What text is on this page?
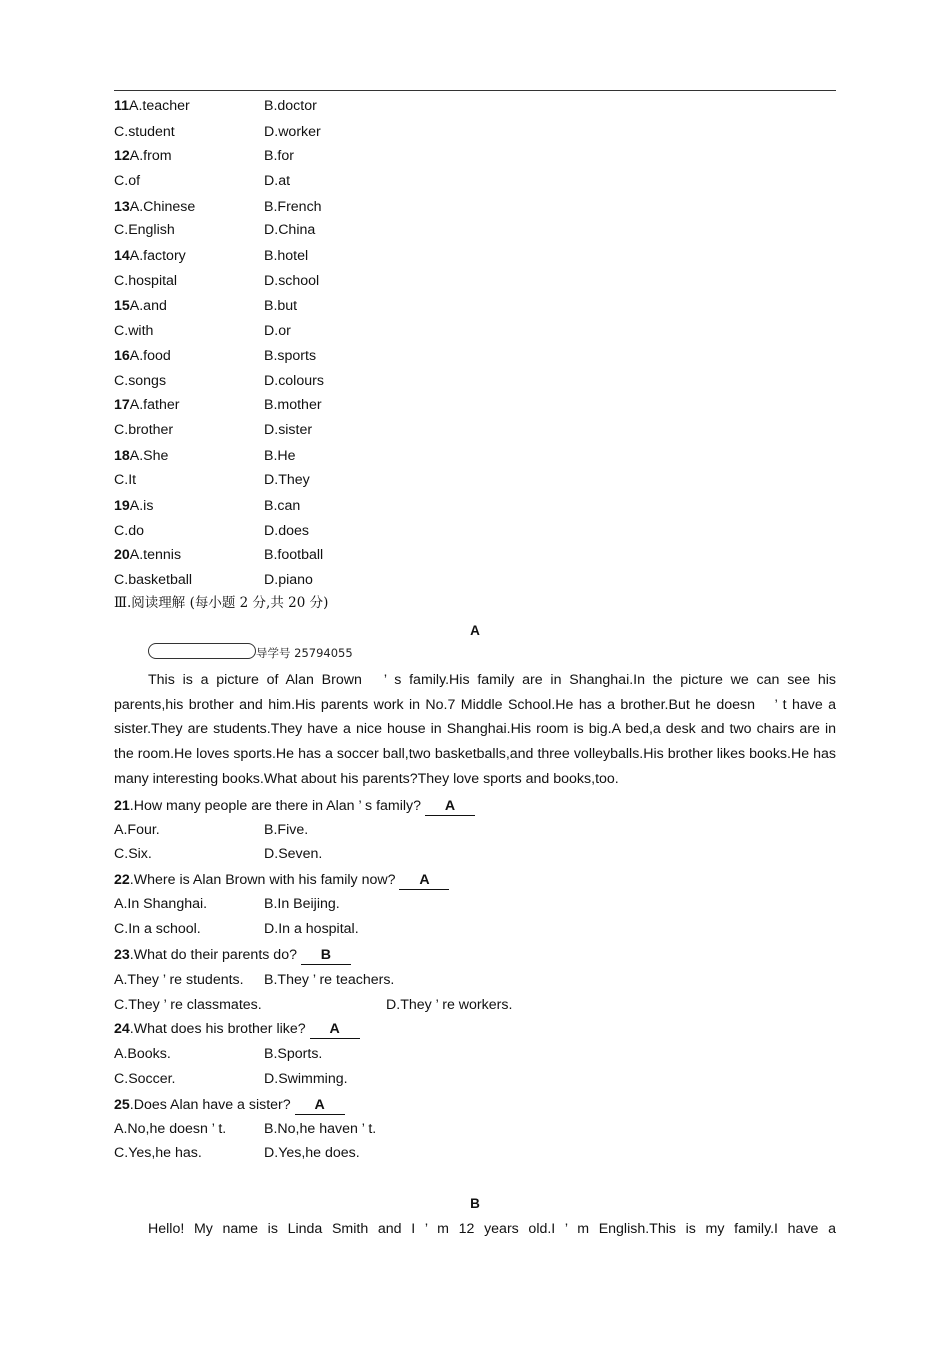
11A.teacher	B.doctor
C.student	D.worker
12A.from	B.for
C.of	D.at
13A.Chinese	B.French
C.English	D.China
14A.factory	B.hotel
C.hospital	D.school
15A.and	B.but
C.with	D.or
16A.food	B.sports
C.songs	D.colours
17A.father	B.mother
C.brother	D.sister
18A.She	B.He
C.It	D.They
19A.is	B.can
C.do	D.does
20A.tennis	B.football
C.basketball	D.piano
Ⅲ.阅读理解 (每小题 2 分,共 20 分)
A
导学号 25794055
This is a picture of Alan Brown  ’ s family.His family are in Shanghai.In the picture we can see his parents,his brother and him.His parents work in No.7 Middle School.He has a brother.But he doesn  ’ t have a sister.They are students.They have a nice house in Shanghai.His room is big.A bed,a desk and two chairs are in the room.He loves sports.He has a soccer ball,two basketballs,and three volleyballs.His brother likes books.He has many interesting books.What about his parents?They love sports and books,too.
21.How many people are there in Alan ’ s family? A
A.Four.	B.Five.
C.Six.	D.Seven.
22.Where is Alan Brown with his family now? A
A.In Shanghai.	B.In Beijing.
C.In a school.	D.In a hospital.
23.What do their parents do? B
A.They ’ re students. B.They ’ re teachers.
C.They ’ re classmates.	D.They ’ re workers.
24.What does his brother like? A
A.Books.	B.Sports.
C.Soccer.	D.Swimming.
25.Does Alan have a sister? A
A.No,he doesn ’ t.	B.No,he haven ’ t.
C.Yes,he has.	D.Yes,he does.
B
Hello! My name is Linda Smith and I ’ m 12 years old.I ’ m English.This is my family.I have a
